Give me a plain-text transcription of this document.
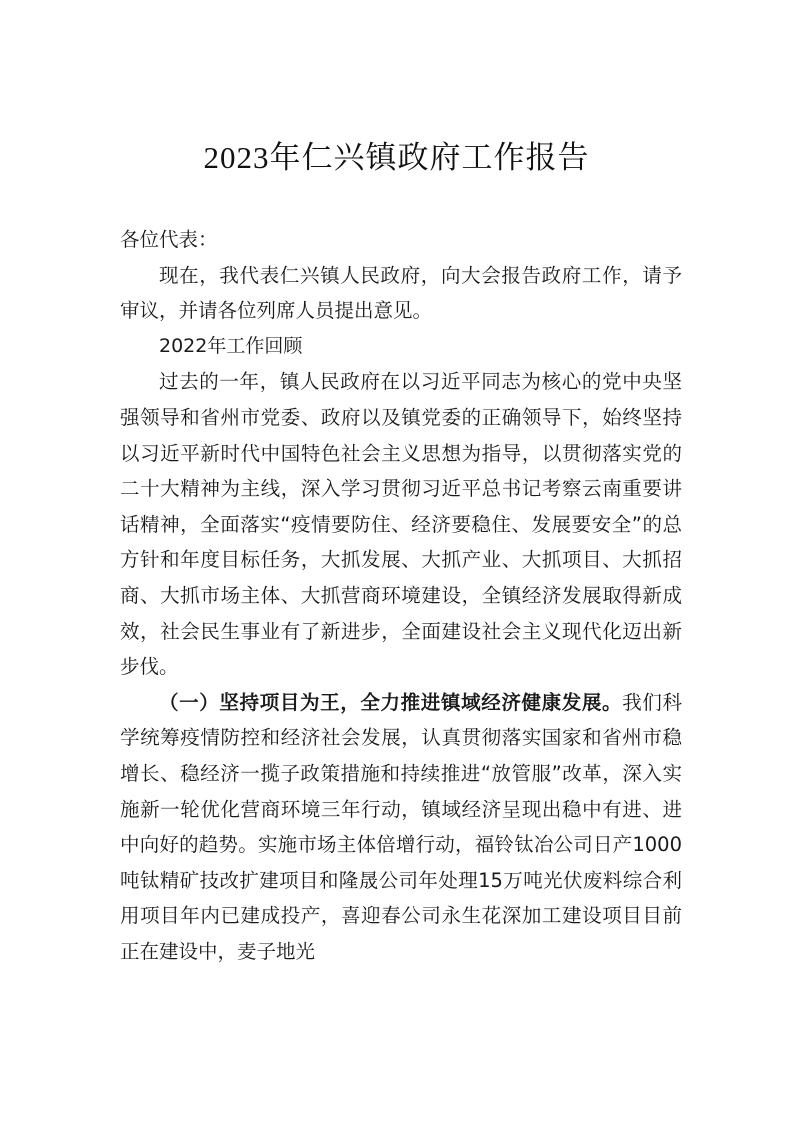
2023年仁兴镇政府工作报告

各位代表：

现在，我代表仁兴镇人民政府，向大会报告政府工作，请予审议，并请各位列席人员提出意见。

2022年工作回顾

过去的一年，镇人民政府在以习近平同志为核心的党中央坚强领导和省州市党委、政府以及镇党委的正确领导下，始终坚持以习近平新时代中国特色社会主义思想为指导，以贯彻落实党的二十大精神为主线，深入学习贯彻习近平总书记考察云南重要讲话精神，全面落实“疫情要防住、经济要稳住、发展要安全”的总方针和年度目标任务，大抓发展、大抓产业、大抓项目、大抓招商、大抓市场主体、大抓营商环境建设，全镇经济发展取得新成效，社会民生事业有了新进步，全面建设社会主义现代化迈出新步伐。

（一）坚持项目为王，全力推进镇域经济健康发展。我们科学统筹疫情防控和经济社会发展，认真贯彻落实国家和省州市稳增长、稳经济一揽子政策措施和持续推进“放管服”改革，深入实施新一轮优化营商环境三年行动，镇域经济呈现出稳中有进、进中向好的趋势。实施市场主体倍增行动，福铃钛冶公司日产1000吨钛精矿技改扩建项目和隆晟公司年处理15万吨光伏废料综合利用项目年内已建成投产，喜迎春公司永生花深加工建设项目目前正在建设中，麦子地光
